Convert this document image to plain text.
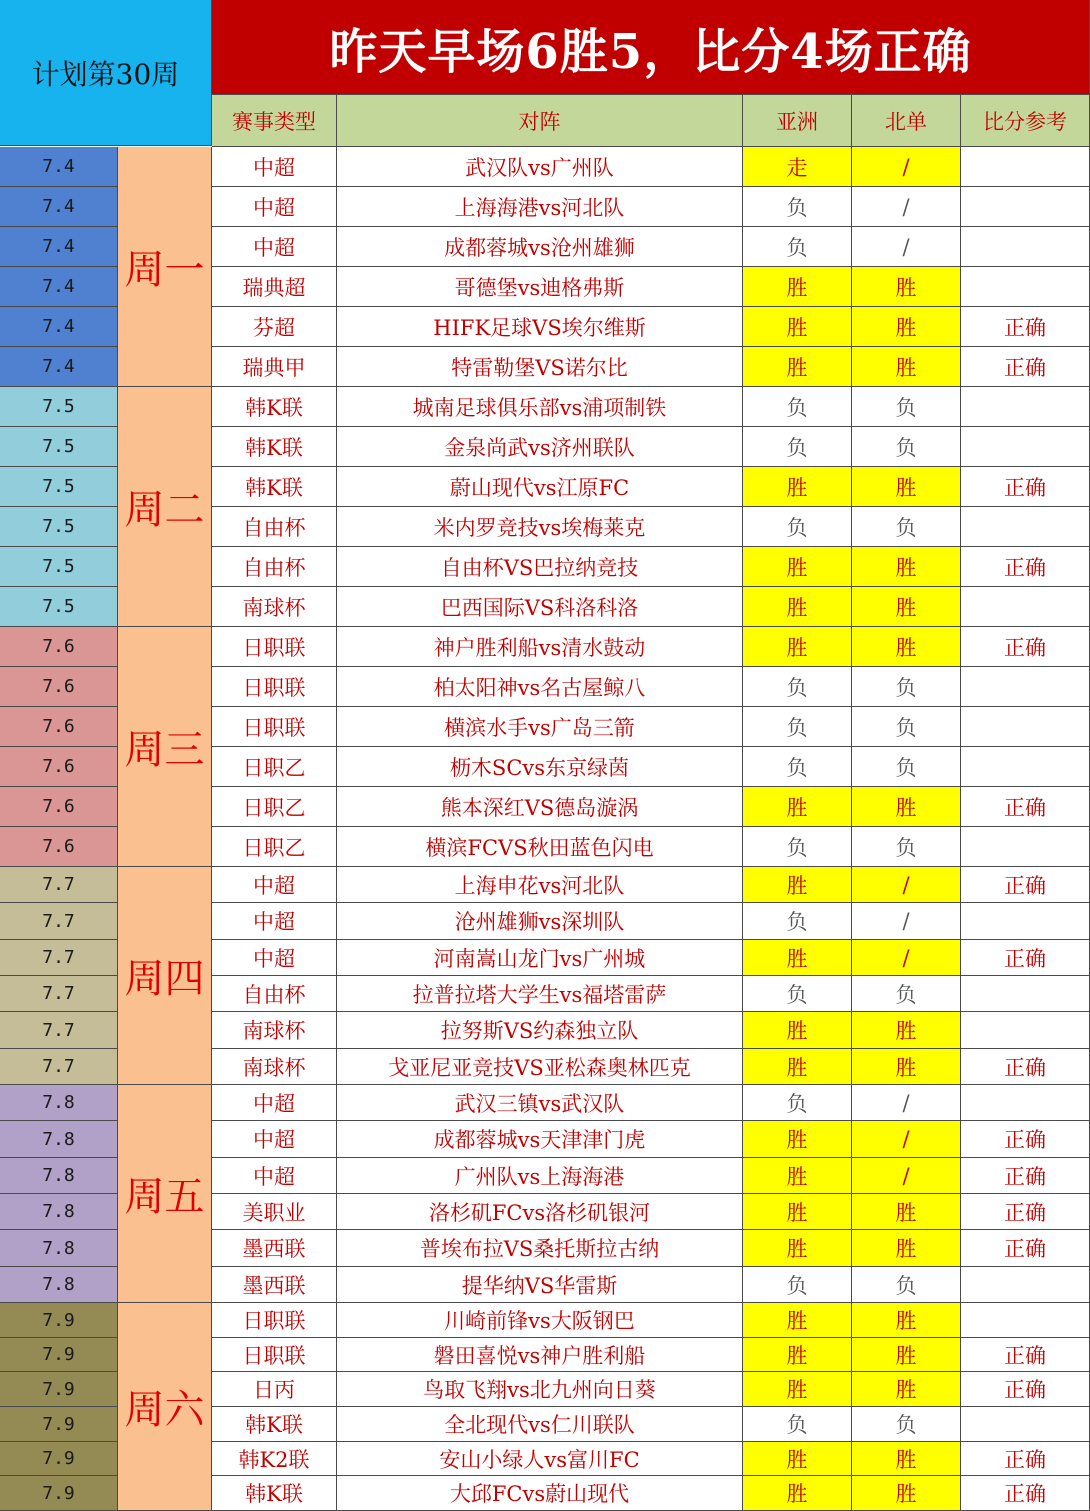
计划第30周	昨天早场6胜5，比分4场正确
赛事类型	对阵	亚洲	北单	比分参考
周一
7.4	中超	武汉队vs广州队	走	/
7.4	中超	上海海港vs河北队	负	/
7.4	中超	成都蓉城vs沧州雄狮	负	/
7.4	瑞典超	哥德堡vs迪格弗斯	胜	胜
7.4	芬超	HIFK足球VS埃尔维斯	胜	胜	正确
7.4	瑞典甲	特雷勒堡VS诺尔比	胜	胜	正确
周二
7.5	韩K联	城南足球俱乐部vs浦项制铁	负	负
7.5	韩K联	金泉尚武vs济州联队	负	负
7.5	韩K联	蔚山现代vs江原FC	胜	胜	正确
7.5	自由杯	米内罗竞技vs埃梅莱克	负	负
7.5	自由杯	自由杯VS巴拉纳竞技	胜	胜	正确
7.5	南球杯	巴西国际VS科洛科洛	胜	胜
周三
7.6	日职联	神户胜利船vs清水鼓动	胜	胜	正确
7.6	日职联	柏太阳神vs名古屋鲸八	负	负
7.6	日职联	横滨水手vs广岛三箭	负	负
7.6	日职乙	枥木SCvs东京绿茵	负	负
7.6	日职乙	熊本深红VS德岛漩涡	胜	胜	正确
7.6	日职乙	横滨FCVS秋田蓝色闪电	负	负
周四
7.7	中超	上海申花vs河北队	胜	/	正确
7.7	中超	沧州雄狮vs深圳队	负	/
7.7	中超	河南嵩山龙门vs广州城	胜	/	正确
7.7	自由杯	拉普拉塔大学生vs福塔雷萨	负	负
7.7	南球杯	拉努斯VS约森独立队	胜	胜
7.7	南球杯	戈亚尼亚竞技VS亚松森奥林匹克	胜	胜	正确
周五
7.8	中超	武汉三镇vs武汉队	负	/
7.8	中超	成都蓉城vs天津津门虎	胜	/	正确
7.8	中超	广州队vs上海海港	胜	/	正确
7.8	美职业	洛杉矶FCvs洛杉矶银河	胜	胜	正确
7.8	墨西联	普埃布拉VS桑托斯拉古纳	胜	胜	正确
7.8	墨西联	提华纳VS华雷斯	负	负
周六
7.9	日职联	川崎前锋vs大阪钢巴	胜	胜
7.9	日职联	磐田喜悦vs神户胜利船	胜	胜	正确
7.9	日丙	鸟取飞翔vs北九州向日葵	胜	胜	正确
7.9	韩K联	全北现代vs仁川联队	负	负
7.9	韩K2联	安山小绿人vs富川FC	胜	胜	正确
7.9	韩K联	大邱FCvs蔚山现代	胜	胜	正确
